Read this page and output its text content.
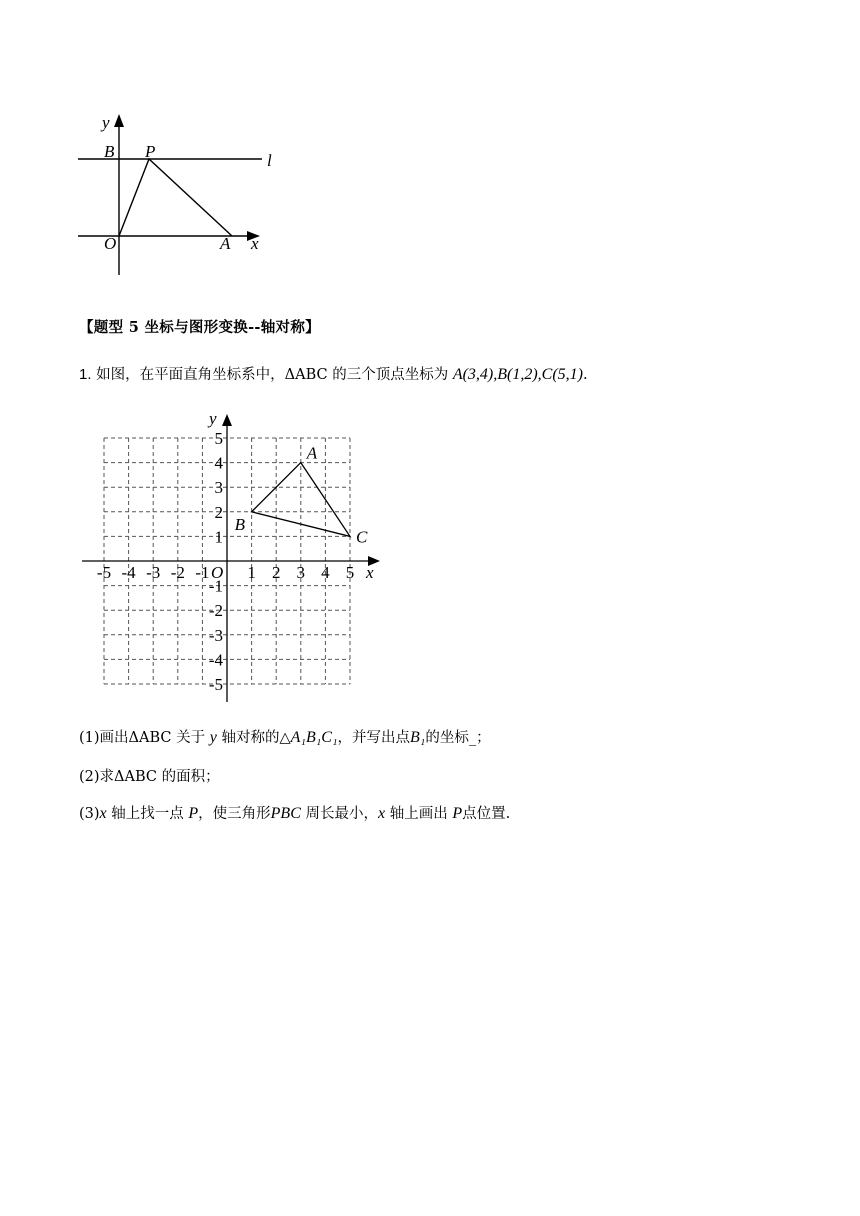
y
B P	l
O	A x
【题型 5 坐标与图形变换--轴对称】
1. 如图，在平面直角坐标系中，ΔABC 的三个顶点坐标为 A(3,4),B(1,2),C(5,1).
-5 -4 -3 -2 -1 1 2 3 4 5
5
4
3
2
1
-1
-2
-3
-4
-5
x
y
O
A
B
C
(1)画出ΔABC 关于 y 轴对称的△A₁B₁C₁，并写出点B₁的坐标_；
(2)求ΔABC 的面积；
(3)x 轴上找一点 P，使三角形PBC 周长最小，x 轴上画出 P点位置.
